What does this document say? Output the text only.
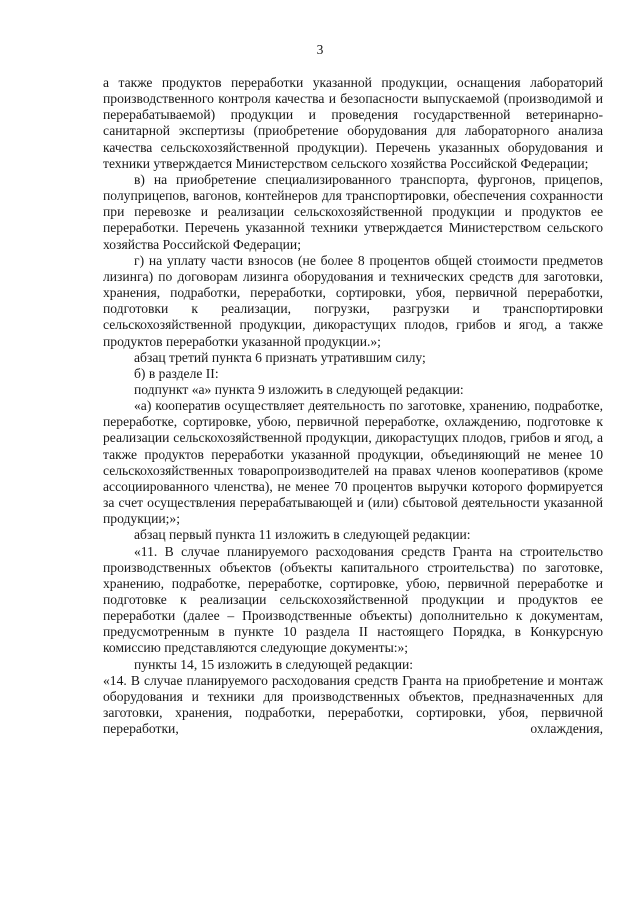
3

а также продуктов переработки указанной продукции, оснащения лабораторий производственного контроля качества и безопасности выпускаемой (производимой и перерабатываемой) продукции и проведения государственной ветеринарно-санитарной экспертизы (приобретение оборудования для лабораторного анализа качества сельскохозяйственной продукции). Перечень указанных оборудования и техники утверждается Министерством сельского хозяйства Российской Федерации;

в) на приобретение специализированного транспорта, фургонов, прицепов, полуприцепов, вагонов, контейнеров для транспортировки, обеспечения сохранности при перевозке и реализации сельскохозяйственной продукции и продуктов ее переработки. Перечень указанной техники утверждается Министерством сельского хозяйства Российской Федерации;

г) на уплату части взносов (не более 8 процентов общей стоимости предметов лизинга) по договорам лизинга оборудования и технических средств для заготовки, хранения, подработки, переработки, сортировки, убоя, первичной переработки, подготовки к реализации, погрузки, разгрузки и транспортировки сельскохозяйственной продукции, дикорастущих плодов, грибов и ягод, а также продуктов переработки указанной продукции.»;

абзац третий пункта 6 признать утратившим силу;

б) в разделе II:

подпункт «а» пункта 9 изложить в следующей редакции:

«а) кооператив осуществляет деятельность по заготовке, хранению, подработке, переработке, сортировке, убою, первичной переработке, охлаждению, подготовке к реализации сельскохозяйственной продукции, дикорастущих плодов, грибов и ягод, а также продуктов переработки указанной продукции, объединяющий не менее 10 сельскохозяйственных товаропроизводителей на правах членов кооперативов (кроме ассоциированного членства), не менее 70 процентов выручки которого формируется за счет осуществления перерабатывающей и (или) сбытовой деятельности указанной продукции;»;

абзац первый пункта 11 изложить в следующей редакции:

«11. В случае планируемого расходования средств Гранта на строительство производственных объектов (объекты капитального строительства) по заготовке, хранению, подработке, переработке, сортировке, убою, первичной переработке и подготовке к реализации сельскохозяйственной продукции и продуктов ее переработки (далее – Производственные объекты) дополнительно к документам, предусмотренным в пункте 10 раздела II настоящего Порядка, в Конкурсную комиссию представляются следующие документы:»;

пункты 14, 15 изложить в следующей редакции:

«14. В случае планируемого расходования средств Гранта на приобретение и монтаж оборудования и техники для производственных объектов, предназначенных для заготовки, хранения, подработки, переработки, сортировки, убоя, первичной переработки, охлаждения,
